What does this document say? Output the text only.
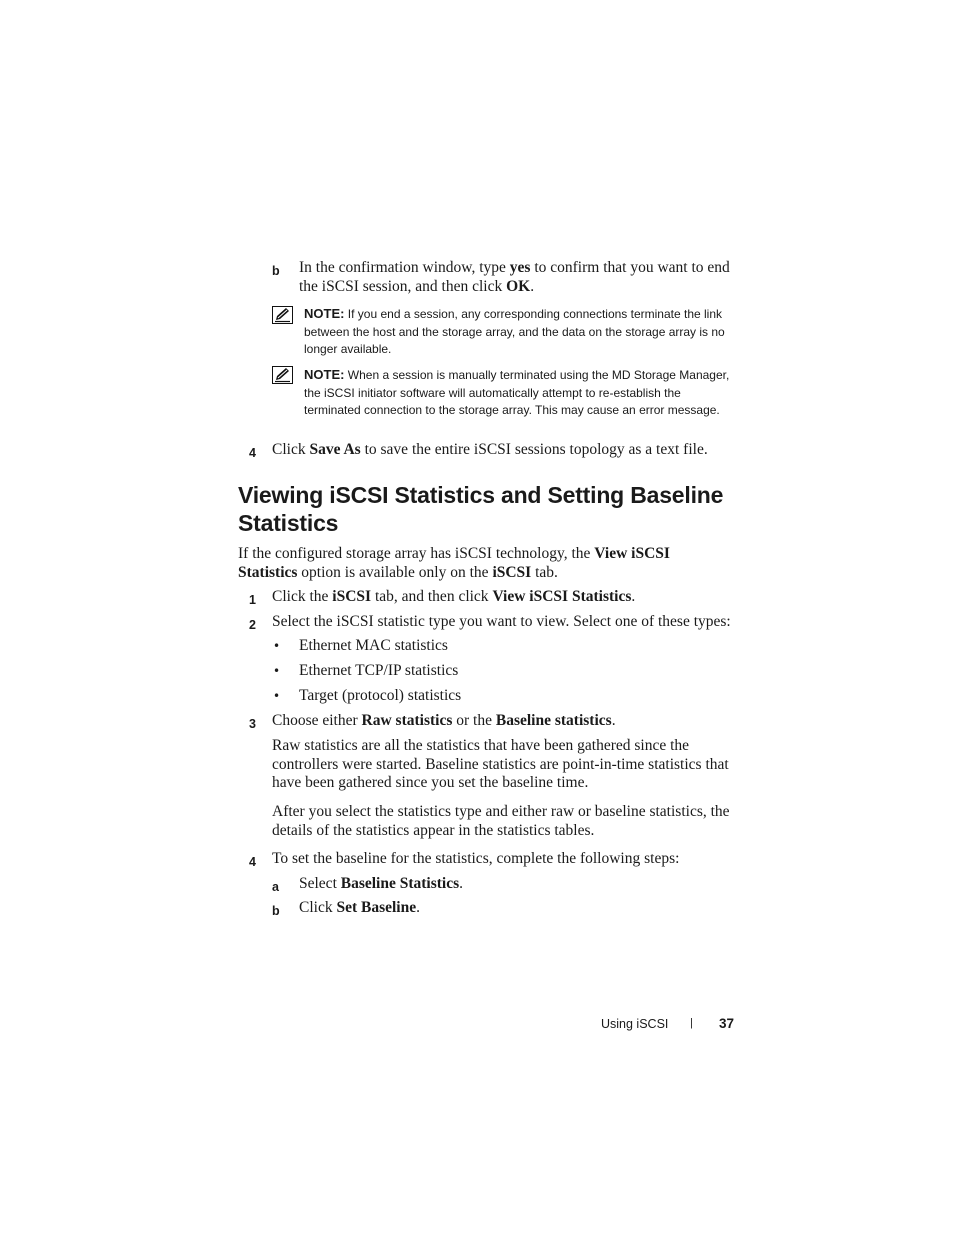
b In the confirmation window, type yes to confirm that you want to end the iSCSI session, and then click OK.
NOTE: If you end a session, any corresponding connections terminate the link between the host and the storage array, and the data on the storage array is no longer available.
NOTE: When a session is manually terminated using the MD Storage Manager, the iSCSI initiator software will automatically attempt to re-establish the terminated connection to the storage array. This may cause an error message.
4 Click Save As to save the entire iSCSI sessions topology as a text file.
Viewing iSCSI Statistics and Setting Baseline Statistics
If the configured storage array has iSCSI technology, the View iSCSI Statistics option is available only on the iSCSI tab.
1 Click the iSCSI tab, and then click View iSCSI Statistics.
2 Select the iSCSI statistic type you want to view. Select one of these types:
• Ethernet MAC statistics
• Ethernet TCP/IP statistics
• Target (protocol) statistics
3 Choose either Raw statistics or the Baseline statistics.
Raw statistics are all the statistics that have been gathered since the controllers were started. Baseline statistics are point-in-time statistics that have been gathered since you set the baseline time.
After you select the statistics type and either raw or baseline statistics, the details of the statistics appear in the statistics tables.
4 To set the baseline for the statistics, complete the following steps:
a Select Baseline Statistics.
b Click Set Baseline.
Using iSCSI | 37
